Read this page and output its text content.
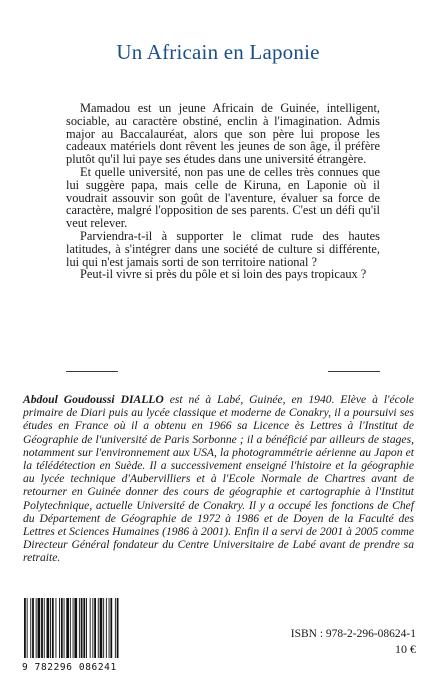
Un Africain en Laponie

Mamadou est un jeune Africain de Guinée, intelligent, sociable, au caractère obstiné, enclin à l'imagination. Admis major au Baccalauréat, alors que son père lui propose les cadeaux matériels dont rêvent les jeunes de son âge, il préfère plutôt qu'il lui paye ses études dans une université étrangère.

Et quelle université, non pas une de celles très connues que lui suggère papa, mais celle de Kiruna, en Laponie où il voudrait assouvir son goût de l'aventure, évaluer sa force de caractère, malgré l'opposition de ses parents. C'est un défi qu'il veut relever.

Parviendra-t-il à supporter le climat rude des hautes latitudes, à s'intégrer dans une société de culture si différente, lui qui n'est jamais sorti de son territoire national ?

Peut-il vivre si près du pôle et si loin des pays tropicaux ?

Abdoul Goudoussi DIALLO est né à Labé, Guinée, en 1940. Elève à l'école primaire de Diari puis au lycée classique et moderne de Conakry, il a poursuivi ses études en France où il a obtenu en 1966 sa Licence ès Lettres à l'Institut de Géographie de l'université de Paris Sorbonne ; il a bénéficié par ailleurs de stages, notamment sur l'environnement aux USA, la photogrammétrie aérienne au Japon et la télédétection en Suède. Il a successivement enseigné l'histoire et la géographie au lycée technique d'Aubervilliers et à l'Ecole Normale de Chartres avant de retourner en Guinée donner des cours de géographie et cartographie à l'Institut Polytechnique, actuelle Université de Conakry. Il y a occupé les fonctions de Chef du Département de Géographie de 1972 à 1986 et de Doyen de la Faculté des Lettres et Sciences Humaines (1986 à 2001). Enfin il a servi de 2001 à 2005 comme Directeur Général fondateur du Centre Universitaire de Labé avant de prendre sa retraite.
9 782296 086241
ISBN : 978-2-296-08624-1
10 €
